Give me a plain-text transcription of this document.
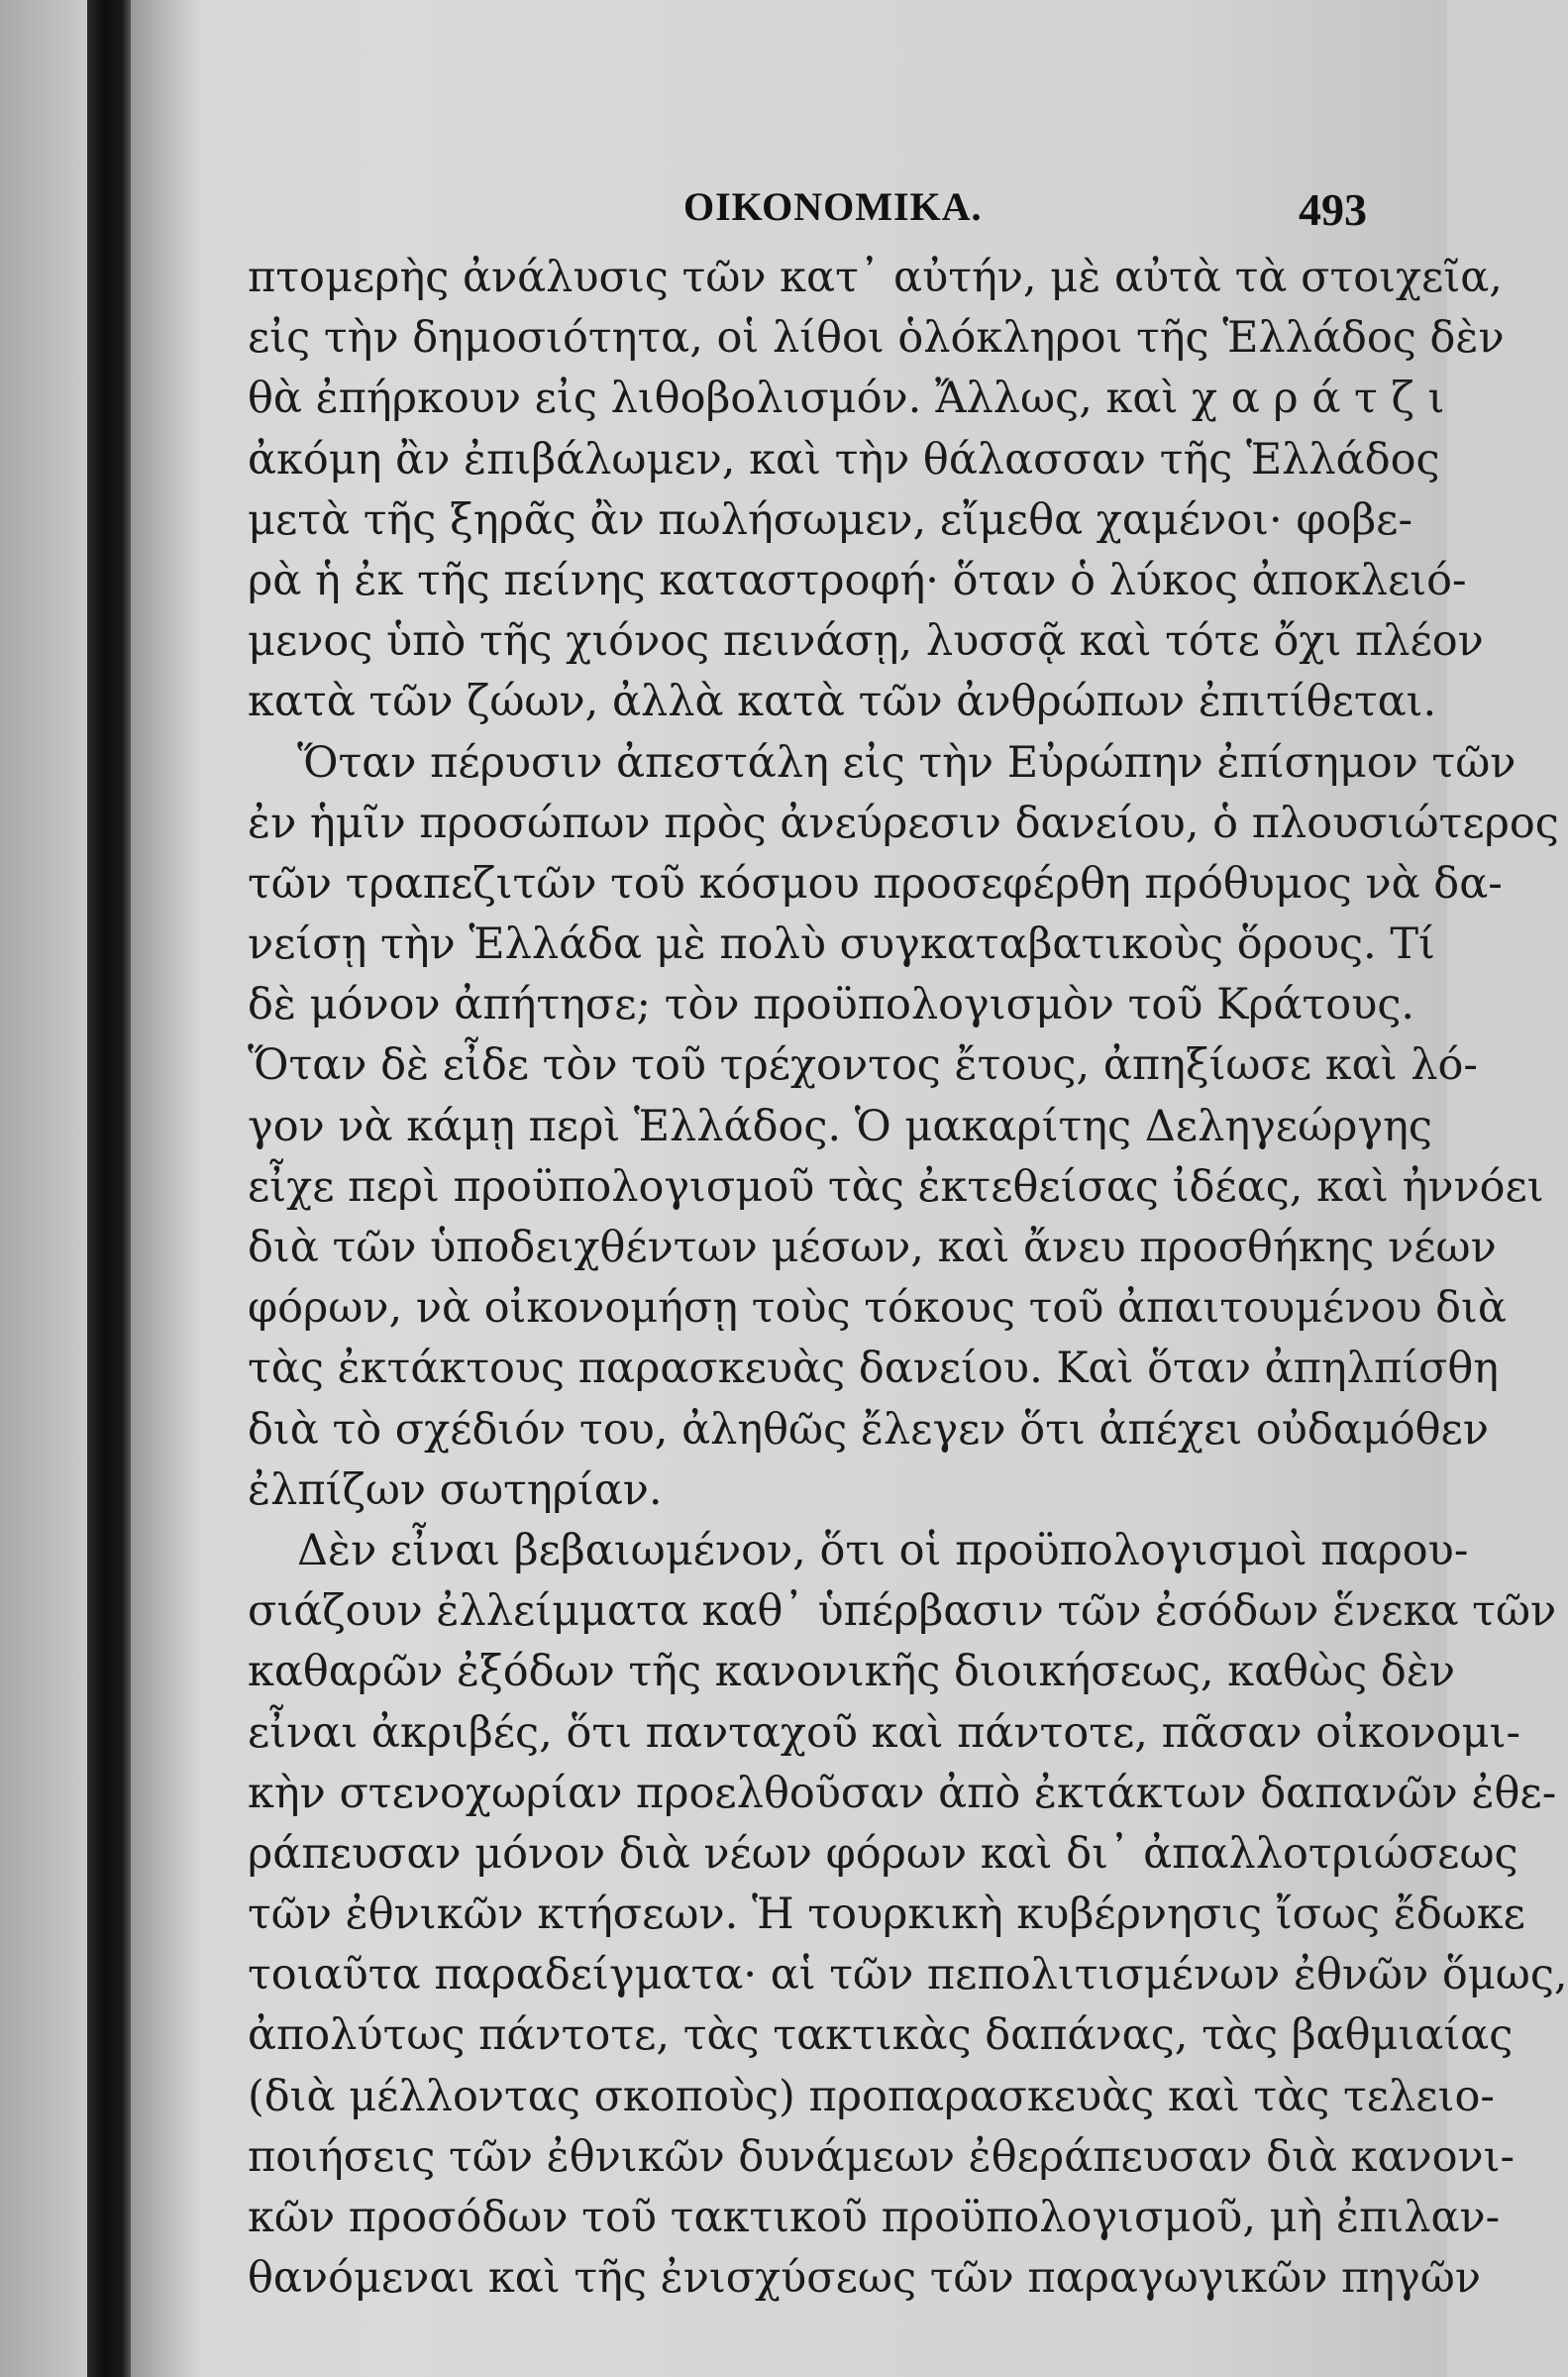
ΟΙΚΟΝΟΜΙΚΑ.	493
πτομερὴς ἀνάλυσις τῶν κατ᾽ αὐτήν, μὲ αὐτὰ τὰ στοιχεῖα,
εἰς τὴν δημοσιότητα, οἱ λίθοι ὁλόκληροι τῆς Ἑλλάδος δὲν
θὰ ἐπήρκουν εἰς λιθοβολισμόν. Ἄλλως, καὶ χ α ρ ά τ ζ ι
ἀκόμη ἂν ἐπιβάλωμεν, καὶ τὴν θάλασσαν τῆς Ἑλλάδος
μετὰ τῆς ξηρᾶς ἂν πωλήσωμεν, εἴμεθα χαμένοι· φοβε-
ρὰ ἡ ἐκ τῆς πείνης καταστροφή· ὅταν ὁ λύκος ἀποκλειό-
μενος ὑπὸ τῆς χιόνος πεινάσῃ, λυσσᾷ καὶ τότε ὄχι πλέον
κατὰ τῶν ζώων, ἀλλὰ κατὰ τῶν ἀνθρώπων ἐπιτίθεται.
Ὅταν πέρυσιν ἀπεστάλη εἰς τὴν Εὐρώπην ἐπίσημον τῶν
ἐν ἡμῖν προσώπων πρὸς ἀνεύρεσιν δανείου, ὁ πλουσιώτερος
τῶν τραπεζιτῶν τοῦ κόσμου προσεφέρθη πρόθυμος νὰ δα-
νείσῃ τὴν Ἑλλάδα μὲ πολὺ συγκαταβατικοὺς ὅρους. Τί
δὲ μόνον ἀπήτησε; τὸν προϋπολογισμὸν τοῦ Κράτους.
Ὅταν δὲ εἶδε τὸν τοῦ τρέχοντος ἔτους, ἀπηξίωσε καὶ λό-
γον νὰ κάμῃ περὶ Ἑλλάδος. Ὁ μακαρίτης Δεληγεώργης
εἶχε περὶ προϋπολογισμοῦ τὰς ἐκτεθείσας ἰδέας, καὶ ἠννόει
διὰ τῶν ὑποδειχθέντων μέσων, καὶ ἄνευ προσθήκης νέων
φόρων, νὰ οἰκονομήσῃ τοὺς τόκους τοῦ ἀπαιτουμένου διὰ
τὰς ἐκτάκτους παρασκευὰς δανείου. Καὶ ὅταν ἀπηλπίσθη
διὰ τὸ σχέδιόν του, ἀληθῶς ἔλεγεν ὅτι ἀπέχει οὐδαμόθεν
ἐλπίζων σωτηρίαν.
Δὲν εἶναι βεβαιωμένον, ὅτι οἱ προϋπολογισμοὶ παρου-
σιάζουν ἐλλείμματα καθ᾽ ὑπέρβασιν τῶν ἐσόδων ἕνεκα τῶν
καθαρῶν ἐξόδων τῆς κανονικῆς διοικήσεως, καθὼς δὲν
εἶναι ἀκριβές, ὅτι πανταχοῦ καὶ πάντοτε, πᾶσαν οἰκονομι-
κὴν στενοχωρίαν προελθοῦσαν ἀπὸ ἐκτάκτων δαπανῶν ἐθε-
ράπευσαν μόνον διὰ νέων φόρων καὶ δι᾽ ἀπαλλοτριώσεως
τῶν ἐθνικῶν κτήσεων. Ἡ τουρκικὴ κυβέρνησις ἴσως ἔδωκε
τοιαῦτα παραδείγματα· αἱ τῶν πεπολιτισμένων ἐθνῶν ὅμως,
ἀπολύτως πάντοτε, τὰς τακτικὰς δαπάνας, τὰς βαθμιαίας
(διὰ μέλλοντας σκοποὺς) προπαρασκευὰς καὶ τὰς τελειο-
ποιήσεις τῶν ἐθνικῶν δυνάμεων ἐθεράπευσαν διὰ κανονι-
κῶν προσόδων τοῦ τακτικοῦ προϋπολογισμοῦ, μὴ ἐπιλαν-
θανόμεναι καὶ τῆς ἐνισχύσεως τῶν παραγωγικῶν πηγῶν
